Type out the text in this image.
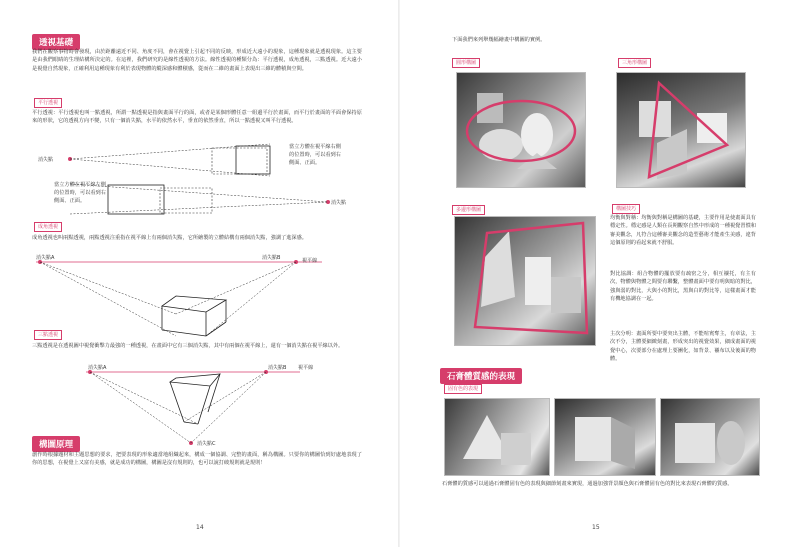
透視基礎
我們在觀察事物時會發現，由於距離遠近不同、角度不同，會在視覺上引起不同的反映，形成近大遠小的現象，這種現象就是透視現象。這主要是由我們眼睛的生理結構所決定的。在這裡，我們研究的是線性透視的方法。線性透視的種類分為：平行透視，成角透視，三點透視。近大遠小是視覺自然現象，正確利用這種現象有利於表現物體的縱深感和體積感，從而在二維的畫面上表現出三維的體積與空間。
平行透視
平行透視：平行透視也叫一點透視，所謂一點透視是指與畫面平行的面，或者是某個形體任意一組邊平行於畫面，而平行於畫面的平面會保持原來的形狀，它的透視方向不變，只有一個消失點，水平的依然水平，垂直的依然垂直，所以一點透視又叫平行透視。
消失點
當立方體在視平線右側的位置時，可以看到右側面、正面。
當立方體在視平線左側的位置時，可以看到右側面、正面。	消失點
成角透視
成角透視也叫兩點透視，兩點透視注重指在視平線上有兩個消失點，它所繪製的立體結構有兩個消失點，強調了進深感。
消失點A	消失點B	視平線
三點透視
三點透視是在透視圖中視覺衝擊力最強的一種透視，在畫面中它有三個消失點，其中有兩個在視平線上，還有一個消失點在視平線以外。
消失點A	消失點B 視平線
消失點C
構圖原理
創作時根據題材和主題思想的要求，把要表現的形象適當地組織起來，構成一個協調、完整的畫面，稱為構圖。只要你的構圖恰到好處地表現了你的思想，在視覺上又富有美感，就是成功的構圖，構圖是沒有規則的，也可以說打破規則就是規則！
14
下面我們來列舉幾幅繪畫中構圖的實例。
圓形構圖	三角形構圖
多邊形構圖	構圖技巧
均衡與對稱：均衡與對稱是構圖的基礎，主要作用是使畫面具有穩定性。穩定感是人類在長期觀察自然中形成的一種視覺習慣和審美觀念，凡符合這種審美觀念的造型藝術才能產生美感，違背這個原則的看起來就不舒服。
對比協調：組合物體的擺放要有疏密之分，相互襯托，有主有次，物體與物體之間要有聯繫，整體畫面中要有明與暗的對比，強與弱的對比，大與小的對比，黑與白的對比等，這樣畫面才能有機地協調在一起。
主次分明：畫面所要中要突出主體，不能喧賓奪主，有章法，主次不分，主體要細緻刻畫，形成突出的視覺效果，細成畫面的視覺中心，次要部分在處理上要團化，如背景、襯布以及後面的物體。
石膏體質感的表現
固有色的表現
石膏體的質感可以通過石膏體固有色的表現與細節刻畫來實現，通過加強背景顏色與石膏體固有色的對比來表現石膏體的質感。
15
